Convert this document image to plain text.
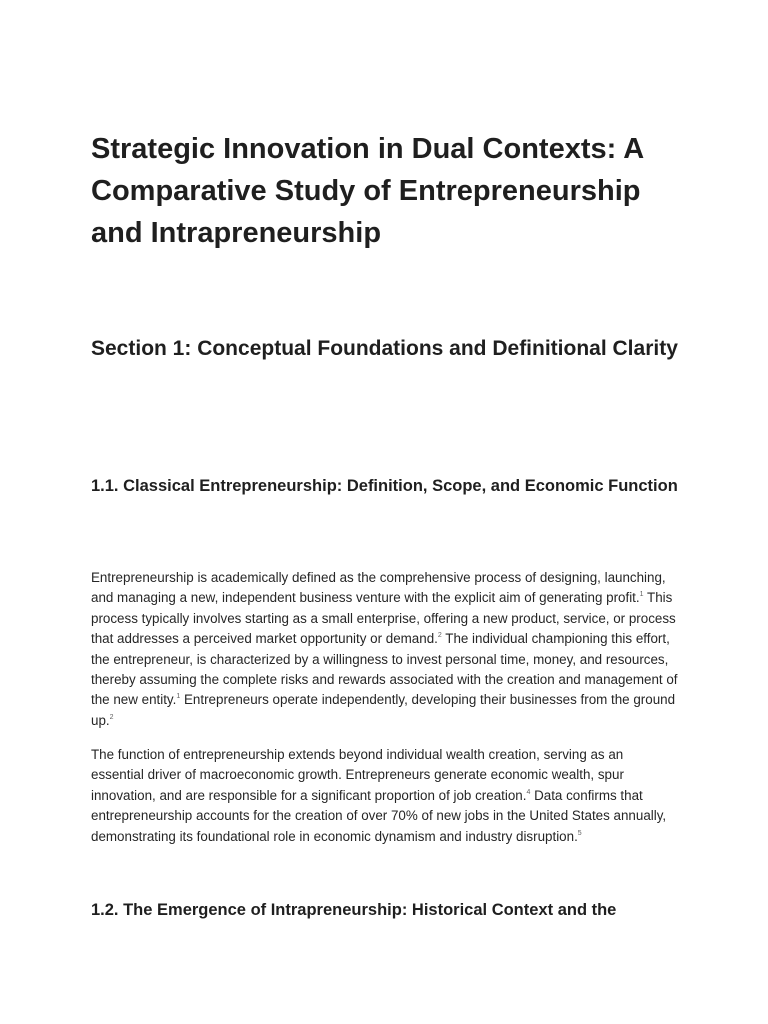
Strategic Innovation in Dual Contexts: A Comparative Study of Entrepreneurship and Intrapreneurship
Section 1: Conceptual Foundations and Definitional Clarity
1.1. Classical Entrepreneurship: Definition, Scope, and Economic Function

Entrepreneurship is academically defined as the comprehensive process of designing, launching, and managing a new, independent business venture with the explicit aim of generating profit.$^1$ This process typically involves starting as a small enterprise, offering a new product, service, or process that addresses a perceived market opportunity or demand.$^2$ The individual championing this effort, the entrepreneur, is characterized by a willingness to invest personal time, money, and resources, thereby assuming the complete risks and rewards associated with the creation and management of the new entity.$^1$ Entrepreneurs operate independently, developing their businesses from the ground up.$^2$

The function of entrepreneurship extends beyond individual wealth creation, serving as an essential driver of macroeconomic growth. Entrepreneurs generate economic wealth, spur innovation, and are responsible for a significant proportion of job creation.$^4$ Data confirms that entrepreneurship accounts for the creation of over 70% of new jobs in the United States annually, demonstrating its foundational role in economic dynamism and industry disruption.$^5$

1.2. The Emergence of Intrapreneurship: Historical Context and the
